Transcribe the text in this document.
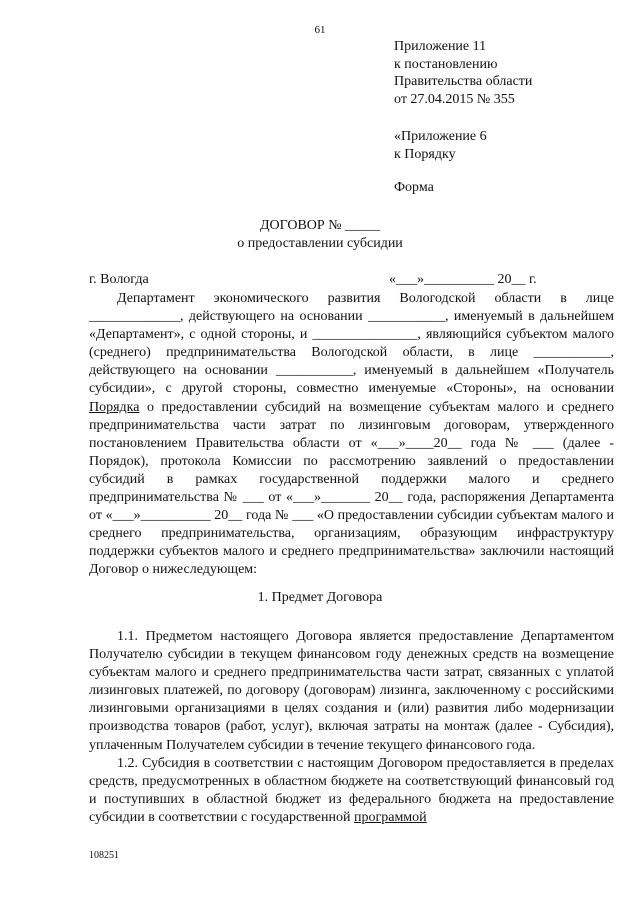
61
Приложение 11
к постановлению
Правительства области
от 27.04.2015 № 355
«Приложение 6
к Порядку
Форма
ДОГОВОР № _____
о предоставлении субсидии
г. Вологда	«___»__________ 20__ г.

Департамент экономического развития Вологодской области в лице _____________, действующего на основании ___________, именуемый в дальнейшем «Департамент», с одной стороны, и _______________, являющийся субъектом малого (среднего) предпринимательства Вологодской области, в лице ___________, действующего на основании ___________, именуемый в дальнейшем «Получатель субсидии», с другой стороны, совместно именуемые «Стороны», на основании Порядка о предоставлении субсидий на возмещение субъектам малого и среднего предпринимательства части затрат по лизинговым договорам, утвержденного постановлением Правительства области от «___»____20__ года № ___ (далее - Порядок), протокола Комиссии по рассмотрению заявлений о предоставлении субсидий в рамках государственной поддержки малого и среднего предпринимательства № ___ от «___»_______ 20__ года, распоряжения Департамента от «___»__________ 20__ года № ___ «О предоставлении субсидии субъектам малого и среднего предпринимательства, организациям, образующим инфраструктуру поддержки субъектов малого и среднего предпринимательства» заключили настоящий Договор о нижеследующем:

1. Предмет Договора

1.1. Предметом настоящего Договора является предоставление Департаментом Получателю субсидии в текущем финансовом году денежных средств на возмещение субъектам малого и среднего предпринимательства части затрат, связанных с уплатой лизинговых платежей, по договору (договорам) лизинга, заключенному с российскими лизинговыми организациями в целях создания и (или) развития либо модернизации производства товаров (работ, услуг), включая затраты на монтаж (далее - Субсидия), уплаченным Получателем субсидии в течение текущего финансового года.

1.2. Субсидия в соответствии с настоящим Договором предоставляется в пределах средств, предусмотренных в областном бюджете на соответствующий финансовый год и поступивших в областной бюджет из федерального бюджета на предоставление субсидии в соответствии с государственной программой

108251
